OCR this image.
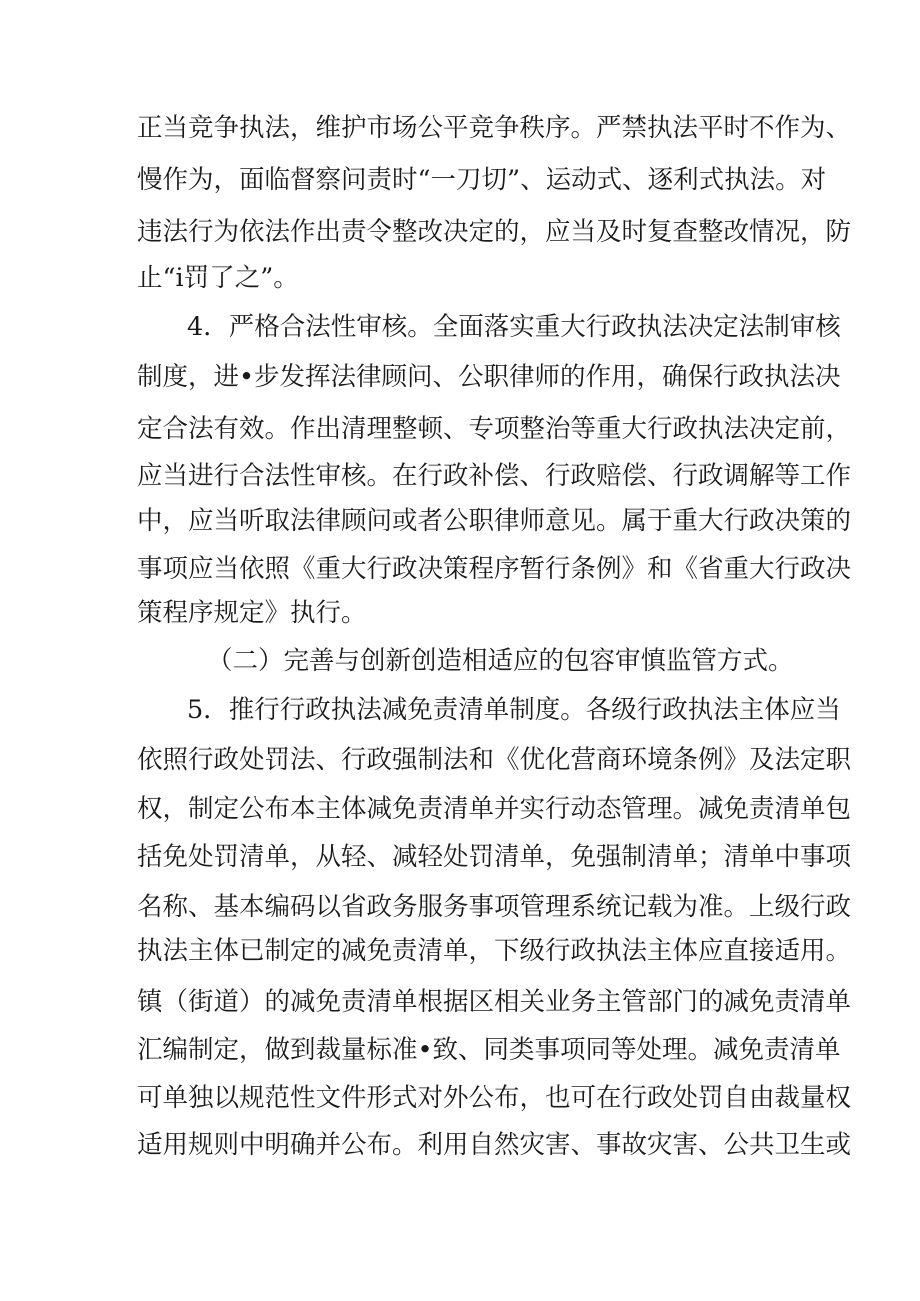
正当竞争执法，维护市场公平竞争秩序。严禁执法平时不作为、

慢作为，面临督察问责时“一刀切”、运动式、逐利式执法。对

违法行为依法作出责令整改决定的，应当及时复查整改情况，防

止“i罚了之”。

4．严格合法性审核。全面落实重大行政执法决定法制审核

制度，进•步发挥法律顾问、公职律师的作用，确保行政执法决

定合法有效。作出清理整顿、专项整治等重大行政执法决定前，

应当进行合法性审核。在行政补偿、行政赔偿、行政调解等工作

中，应当听取法律顾问或者公职律师意见。属于重大行政决策的

事项应当依照《重大行政决策程序暂行条例》和《省重大行政决

策程序规定》执行。

（二）完善与创新创造相适应的包容审慎监管方式。

5．推行行政执法减免责清单制度。各级行政执法主体应当

依照行政处罚法、行政强制法和《优化营商环境条例》及法定职

权，制定公布本主体减免责清单并实行动态管理。减免责清单包

括免处罚清单，从轻、减轻处罚清单，免强制清单；清单中事项

名称、基本编码以省政务服务事项管理系统记载为准。上级行政

执法主体已制定的减免责清单，下级行政执法主体应直接适用。

镇（街道）的减免责清单根据区相关业务主管部门的减免责清单

汇编制定，做到裁量标准•致、同类事项同等处理。减免责清单

可单独以规范性文件形式对外公布，也可在行政处罚自由裁量权

适用规则中明确并公布。利用自然灾害、事故灾害、公共卫生或
